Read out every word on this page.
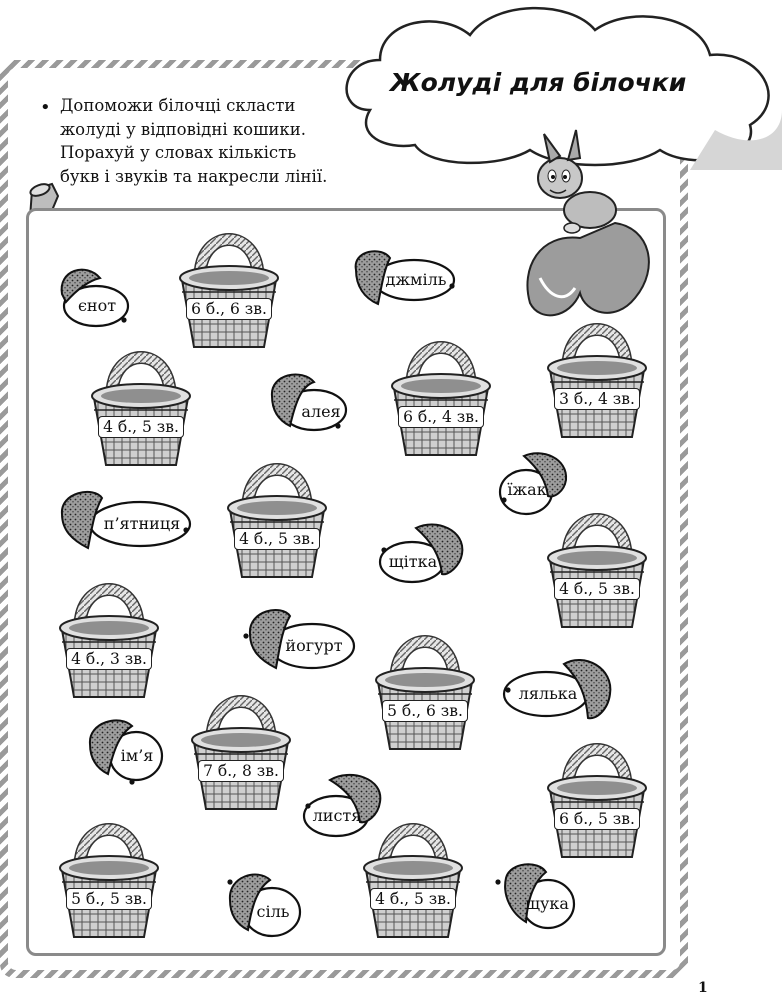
Жолуді для білочки
• Допоможи білочці скласти
жолуді у відповідні кошики.
Порахуй у словах кількість
букв і звуків та накресли лінії.
6 б., 6 зв.
4 б., 5 зв.
6 б., 4 зв.
3 б., 4 зв.
4 б., 5 зв.
4 б., 5 зв.
4 б., 3 зв.
5 б., 6 зв.
7 б., 8 зв.
6 б., 5 зв.
5 б., 5 зв.	4 б., 5 зв.
єнот
джміль
алея
їжак
п’ятниця
щітка
йогурт
лялька
ім’я
листя
сіль	щука
1
